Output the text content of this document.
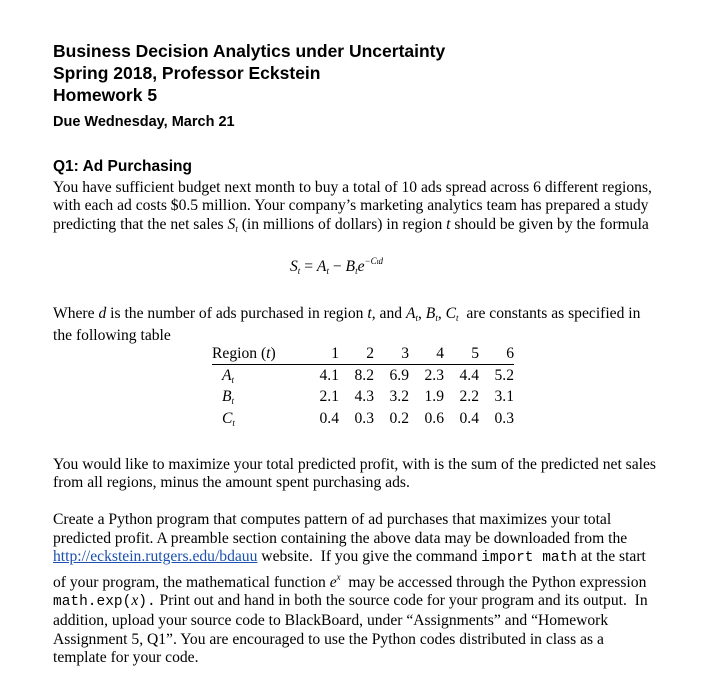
Business Decision Analytics under Uncertainty
Spring 2018, Professor Eckstein
Homework 5
Due Wednesday, March 21
Q1: Ad Purchasing
You have sufficient budget next month to buy a total of 10 ads spread across 6 different regions,
with each ad costs $0.5 million. Your company’s marketing analytics team has prepared a study
predicting that the net sales $S_t$ (in millions of dollars) in region t should be given by the formula
$S_t = A_t - B_te^{-Ctd}$
Where d is the number of ads purchased in region t, and $A_t$, $B_t$, $C_t$  are constants as specified in
the following table
Region (t)	1	2	3	4	5	6
$A_t$	4.1	8.2	6.9	2.3	4.4	5.2
$B_t$	2.1	4.3	3.2	1.9	2.2	3.1
$C_t$	0.4	0.3	0.2	0.6	0.4	0.3
You would like to maximize your total predicted profit, with is the sum of the predicted net sales
from all regions, minus the amount spent purchasing ads.
Create a Python program that computes pattern of ad purchases that maximizes your total
predicted profit. A preamble section containing the above data may be downloaded from the
http://eckstein.rutgers.edu/bdauu website.  If you give the command import math at the start
of your program, the mathematical function $e^x$  may be accessed through the Python expression
math.exp(x). Print out and hand in both the source code for your program and its output.  In
addition, upload your source code to BlackBoard, under “Assignments” and “Homework
Assignment 5, Q1”. You are encouraged to use the Python codes distributed in class as a
template for your code.
